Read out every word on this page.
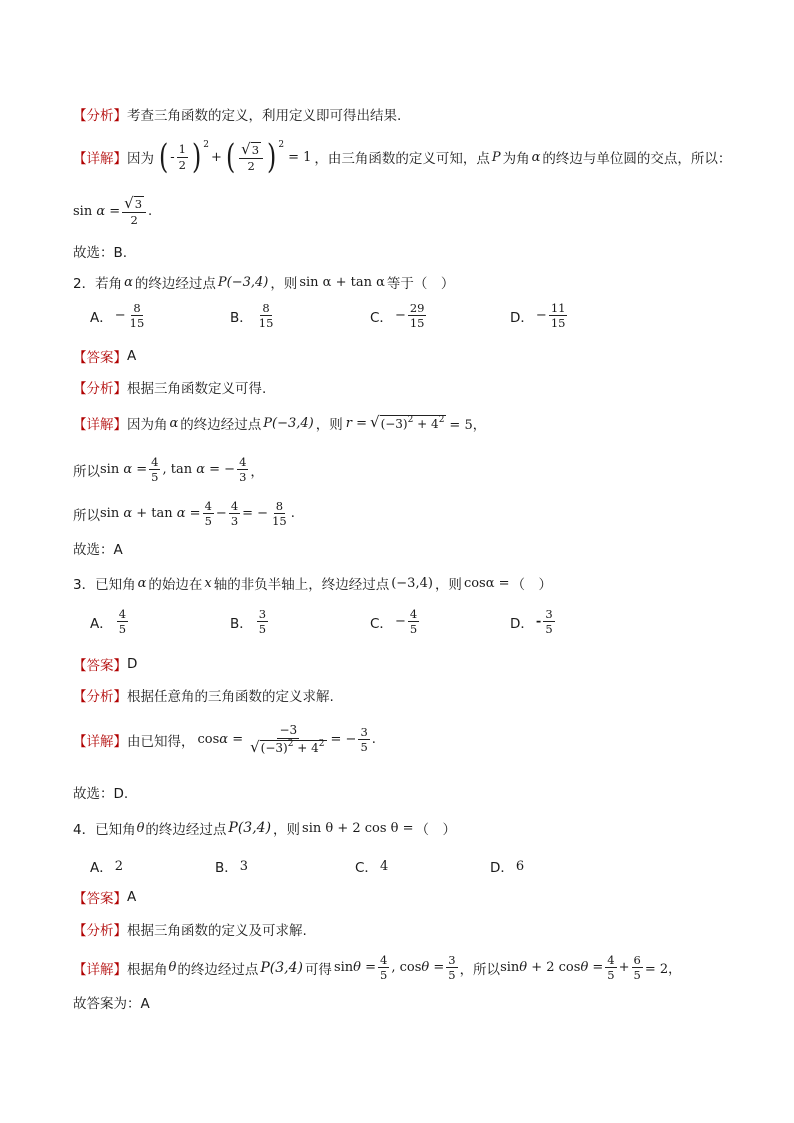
【分析】 考查三角函数的定义，利用定义即可得出结果.
【详解】 因为 ( - $\frac{1}{2} )^2$
+ ( $\frac{√ 3}{2} )^2$
= 1 ，由三角函数的定义可知，点 P 为角 α 的终边与单位圆的交点，所以：
$\sin \alpha = \frac{√ 3}{2}$ .
故选：B.
2．若角 α 的终边经过点 P(−3,4) ，则 sin α + tan α 等于（　）
A． − $\frac{8}{15}$	B． $\frac{8}{15}$	C． − $\frac{29}{15}$	D． − $\frac{11}{15}$
【答案】 A
【分析】 根据三角函数定义可得.
【详解】 因为角 α 的终边经过点 P(−3,4) ，则 r = √ $(-3)^2 + 4^2 = 5$，
所以 $\sin \alpha = \frac{4}{5}$ , tan α = − $\frac{4}{3}$ ，
所以 $\sin \alpha + \tan \alpha = \frac{4}{5} - \frac{4}{3}$ = − $\frac{8}{15}$ .
故选：A
3．已知角 α 的始边在 x 轴的非负半轴上，终边经过点 (−3,4) ，则 cosα = （　）
A． $\frac{4}{5}$	B． $\frac{3}{5}$	C． − $\frac{4}{5}$	D． - $\frac{3}{5}$
【答案】 D
【分析】 根据任意角的三角函数的定义求解.
【详解】 由已知得， $\cos\alpha = \frac{-3}{√ (-3)^2 + 4^2}$ = − $\frac{3}{5}$ .
故选：D.
4．已知角 θ 的终边经过点 P(3,4) ，则 sin θ + 2 cos θ = （　）
A． 2	B． 3	C． 4	D． 6
【答案】 A
【分析】 根据三角函数的定义及可求解.
【详解】 根据角 θ 的终边经过点 P(3,4) 可得 $\sin\theta = \frac{4}{5}$ , $\cos\theta = \frac{3}{5}$ ，所以 sinθ + 2 $\cos\theta = \frac{4}{5} + \frac{6}{5} = 2$，
故答案为：A
